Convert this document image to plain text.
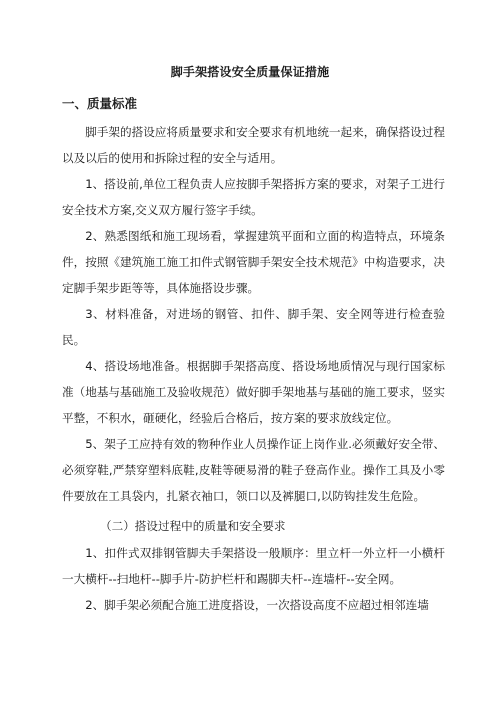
脚手架搭设安全质量保证措施
一、质量标准

脚手架的搭设应将质量要求和安全要求有机地统一起来，确保搭设过程以及以后的使用和拆除过程的安全与适用。

1、搭设前,单位工程负责人应按脚手架搭拆方案的要求，对架子工进行安全技术方案,交义双方履行签字手续。

2、熟悉图纸和施工现场看，掌握建筑平面和立面的构造特点，环境条件，按照《建筑施工施工扣件式钢管脚手架安全技术规范》中构造要求，决定脚手架步距等等，具体施搭设步骤。

3、材料准备，对进场的钢管、扣件、脚手架、安全网等进行检查验民。

4、搭设场地准备。根据脚手架搭高度、搭设场地质情况与现行国家标准（地基与基础施工及验收规范）做好脚手架地基与基础的施工要求，竖实平整，不积水，砸硬化，经验后合格后，按方案的要求放线定位。

5、架子工应持有效的物种作业人员操作证上岗作业.必须戴好安全带、必须穿鞋,严禁穿塑料底鞋,皮鞋等硬易滑的鞋子登高作业。操作工具及小零件要放在工具袋内，扎紧衣袖口，领口以及裤腿口,以防钩挂发生危险。

（二）搭设过程中的质量和安全要求

1、扣件式双排钢管脚夫手架搭设一般顺序：里立杆一外立杆一小横杆一大横杆--扫地杆--脚手片-防护栏杆和踢脚夫杆--连墙杆--安全网。

2、脚手架必须配合施工进度搭设，一次搭设高度不应超过相邻连墙
